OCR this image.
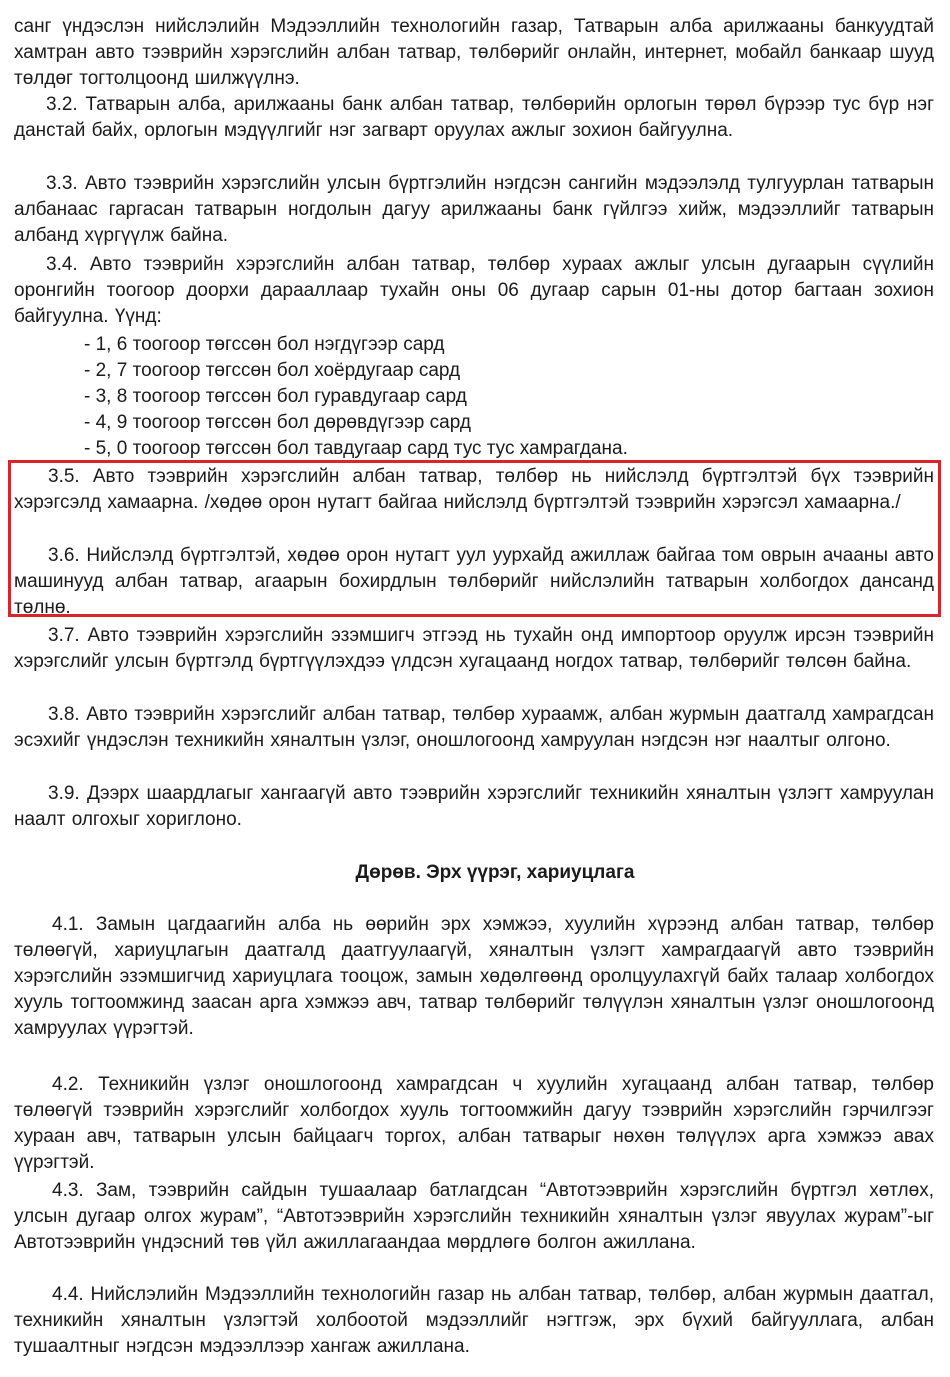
санг үндэслэн нийслэлийн Мэдээллийн технологийн газар, Татварын алба арилжааны банкуудтай хамтран авто тээврийн хэрэгслийн албан татвар, төлбөрийг онлайн, интернет, мобайл банкаар шууд төлдөг тогтолцоонд шилжүүлнэ.

3.2. Татварын алба, арилжааны банк албан татвар, төлбөрийн орлогын төрөл бүрээр тус бүр нэг данстай байх, орлогын мэдүүлгийг нэг загварт оруулах ажлыг зохион байгуулна.

3.3. Авто тээврийн хэрэгслийн улсын бүртгэлийн нэгдсэн сангийн мэдээлэлд тулгуурлан татварын албанаас гаргасан татварын ногдолын дагуу арилжааны банк гүйлгээ хийж, мэдээллийг татварын албанд хүргүүлж байна.

3.4. Авто тээврийн хэрэгслийн албан татвар, төлбөр хураах ажлыг улсын дугаарын сүүлийн оронгийн тоогоор доорхи дарааллаар тухайн оны 06 дугаар сарын 01-ны дотор багтаан зохион байгуулна. Үүнд:

- 1, 6 тоогоор төгссөн бол нэгдүгээр сард
- 2, 7 тоогоор төгссөн бол хоёрдугаар сард
- 3, 8 тоогоор төгссөн бол гуравдугаар сард
- 4, 9 тоогоор төгссөн бол дөрөвдүгээр сард
- 5, 0 тоогоор төгссөн бол тавдугаар сард тус тус хамрагдана.

3.5. Авто тээврийн хэрэгслийн албан татвар, төлбөр нь нийслэлд бүртгэлтэй бүх тээврийн хэрэгсэлд хамаарна. /хөдөө орон нутагт байгаа нийслэлд бүртгэлтэй тээврийн хэрэгсэл хамаарна./

3.6. Нийслэлд бүртгэлтэй, хөдөө орон нутагт уул уурхайд ажиллаж байгаа том оврын ачааны авто машинууд албан татвар, агаарын бохирдлын төлбөрийг нийслэлийн татварын холбогдох дансанд төлнө.

3.7. Авто тээврийн хэрэгслийн эзэмшигч этгээд нь тухайн онд импортоор оруулж ирсэн тээврийн хэрэгслийг улсын бүртгэлд бүртгүүлэхдээ үлдсэн хугацаанд ногдох татвар, төлбөрийг төлсөн байна.

3.8. Авто тээврийн хэрэгслийг албан татвар, төлбөр хураамж, албан журмын даатгалд хамрагдсан эсэхийг үндэслэн техникийн хяналтын үзлэг, оношлогоонд хамруулан нэгдсэн нэг наалтыг олгоно.

3.9. Дээрх шаардлагыг хангаагүй авто тээврийн хэрэгслийг техникийн хяналтын үзлэгт хамруулан наалт олгохыг хориглоно.

Дөрөв. Эрх үүрэг, хариуцлага

4.1. Замын цагдаагийн алба нь өөрийн эрх хэмжээ, хуулийн хүрээнд албан татвар, төлбөр төлөөгүй, хариуцлагын даатгалд даатгуулаагүй, хяналтын үзлэгт хамрагдаагүй авто тээврийн хэрэгслийн эзэмшигчид хариуцлага тооцож, замын хөдөлгөөнд оролцуулахгүй байх талаар холбогдох хууль тогтоомжинд заасан арга хэмжээ авч, татвар төлбөрийг төлүүлэн хяналтын үзлэг оношлогоонд хамруулах үүрэгтэй.

4.2. Техникийн үзлэг оношлогоонд хамрагдсан ч хуулийн хугацаанд албан татвар, төлбөр төлөөгүй тээврийн хэрэгслийг холбогдох хууль тогтоомжийн дагуу тээврийн хэрэгслийн гэрчилгээг хураан авч, татварын улсын байцаагч торгох, албан татварыг нөхөн төлүүлэх арга хэмжээ авах үүрэгтэй.

4.3. Зам, тээврийн сайдын тушаалаар батлагдсан “Автотээврийн хэрэгслийн бүртгэл хөтлөх, улсын дугаар олгох журам”, “Автотээврийн хэрэгслийн техникийн хяналтын үзлэг явуулах журам”-ыг Автотээврийн үндэсний төв үйл ажиллагаандаа мөрдлөгө болгон ажиллана.

4.4. Нийслэлийн Мэдээллийн технологийн газар нь албан татвар, төлбөр, албан журмын даатгал, техникийн хяналтын үзлэгтэй холбоотой мэдээллийг нэгтгэж, эрх бүхий байгууллага, албан тушаалтныг нэгдсэн мэдээллээр хангаж ажиллана.
